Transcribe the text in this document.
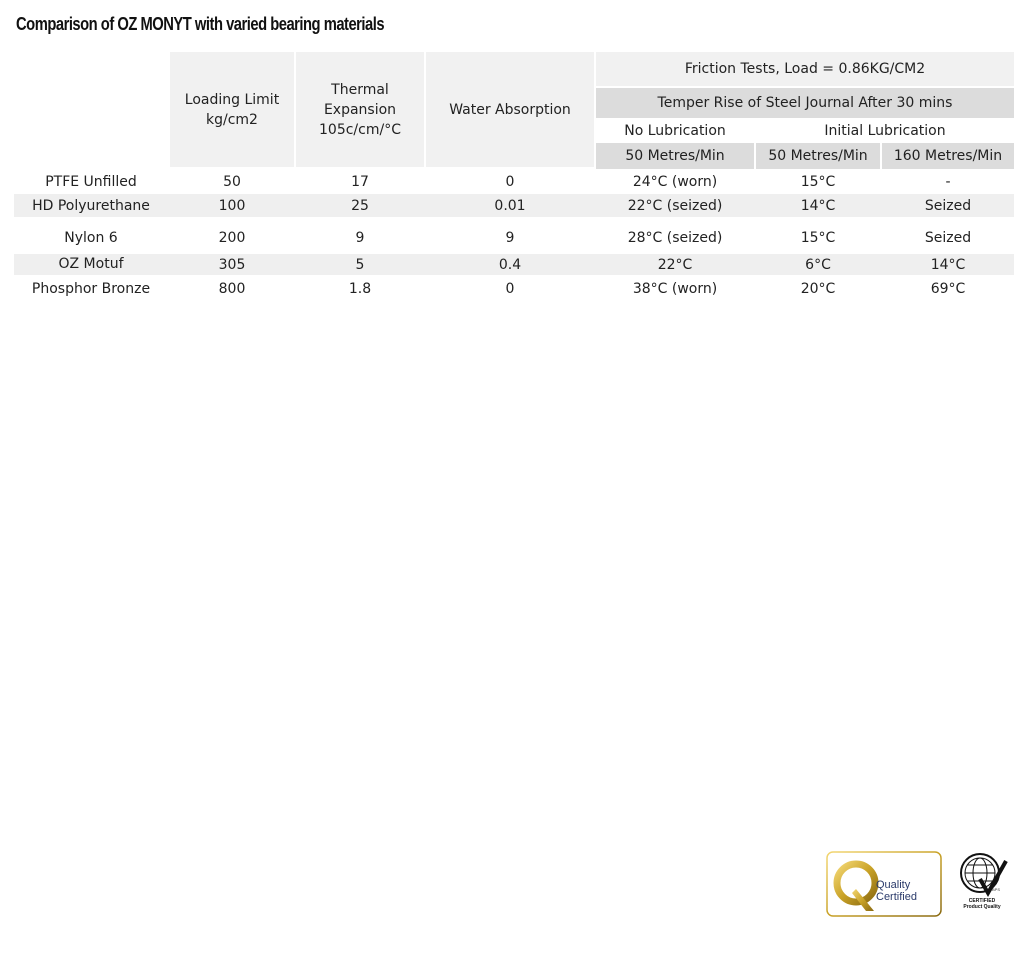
Comparison of OZ MONYT with varied bearing materials
Loading Limit
kg/cm2
Thermal
Expansion
105c/cm/°C
Water Absorption
Friction Tests, Load = 0.86KG/CM2
Temper Rise of Steel Journal After 30 mins
No Lubrication	Initial Lubrication
50 Metres/Min	50 Metres/Min 160 Metres/Min
PTFE Unfilled	50	17	0	24°C (worn)	15°C	-
HD Polyurethane	100	25	0.01	22°C (seized)	14°C	Seized
Nylon 6	200	9	9	28°C (seized)	15°C	Seized
OZ Motuf	305	5	0.4	22°C	6°C	14°C
Phosphor Bronze	800	1.8	0	38°C (worn)	20°C	69°C
Quality
Certified
BPS
CERTIFIED
Product Quality
